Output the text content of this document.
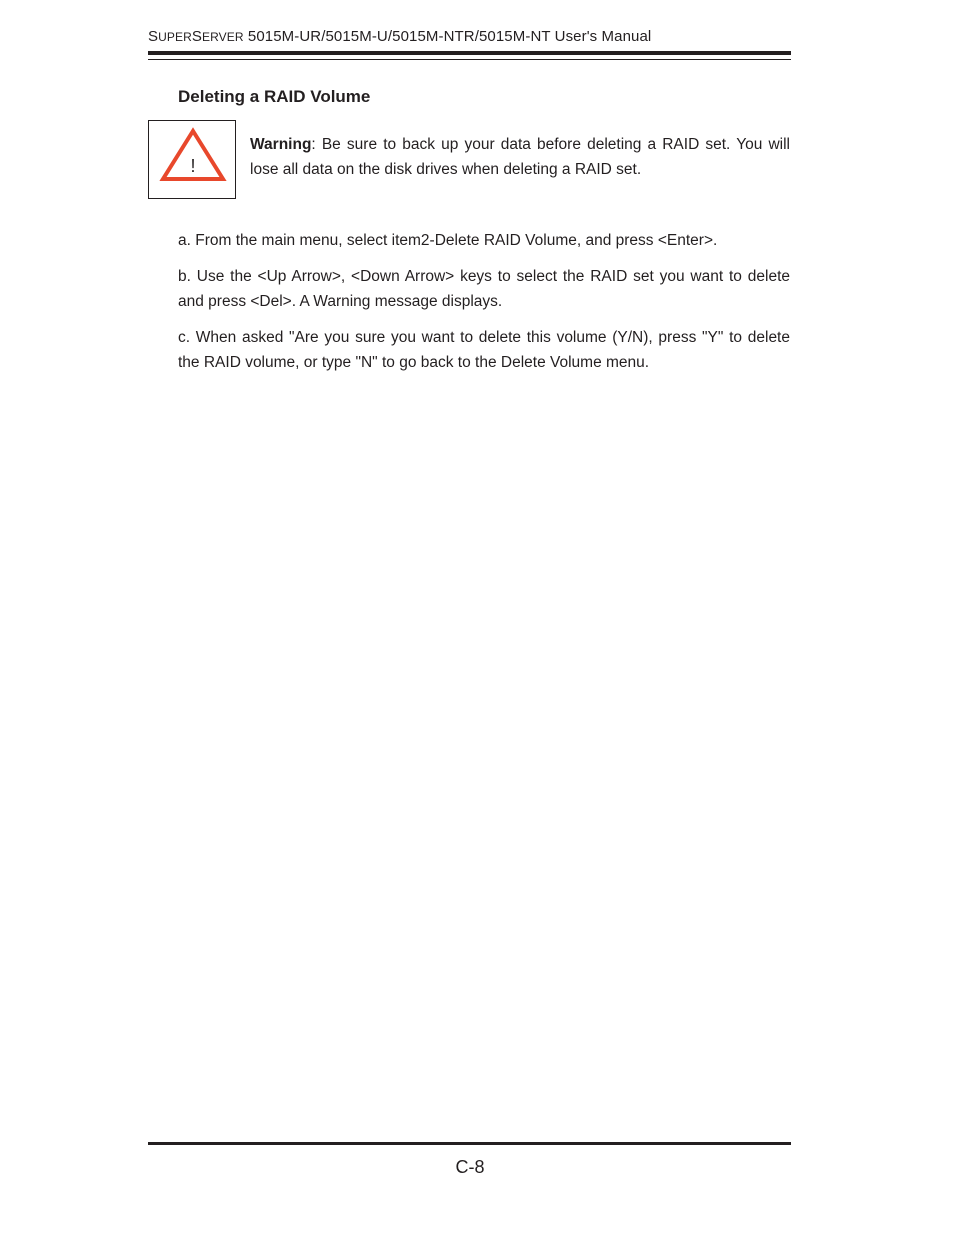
SUPERSERVER 5015M-UR/5015M-U/5015M-NTR/5015M-NT User's Manual
Deleting a RAID Volume
!
Warning: Be sure to back up your data before deleting a RAID set. You will lose all data on the disk drives when deleting a RAID set.

a. From the main menu, select item2-Delete RAID Volume, and press <Enter>.

b. Use the <Up Arrow>, <Down Arrow> keys to select the RAID set you want to delete and press <Del>. A Warning message displays.

c. When asked "Are you sure you want to delete this volume (Y/N), press "Y" to delete the RAID volume, or type "N" to go back to the Delete Volume menu.

C-8
